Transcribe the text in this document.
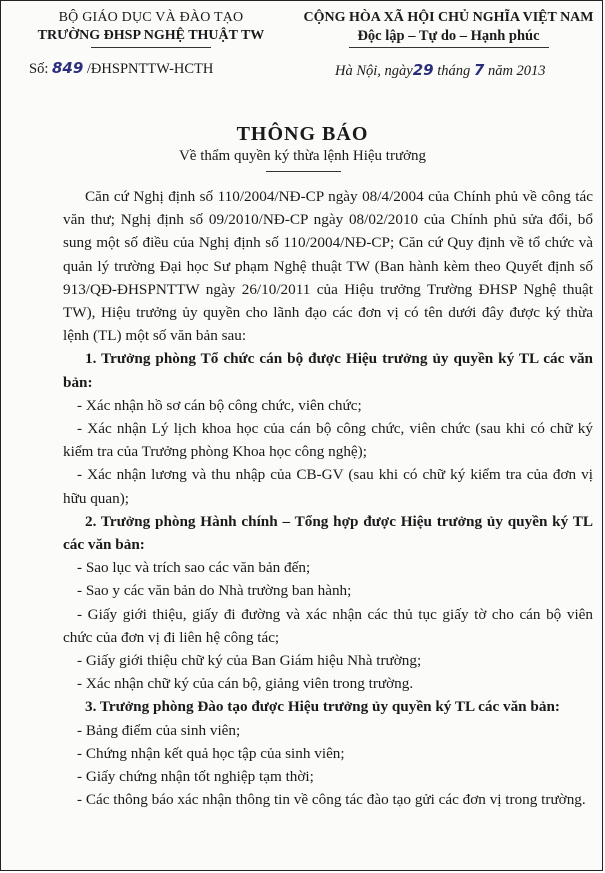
BỘ GIÁO DỤC VÀ ĐÀO TẠO
TRƯỜNG ĐHSP NGHỆ THUẬT TW
CỘNG HÒA XÃ HỘI CHỦ NGHĨA VIỆT NAM
Độc lập – Tự do – Hạnh phúc
Số: 849 /ĐHSPNTTW-HCTH	Hà Nội, ngày29 tháng 7 năm 2013
THÔNG BÁO
Về thẩm quyền ký thừa lệnh Hiệu trưởng

Căn cứ Nghị định số 110/2004/NĐ-CP ngày 08/4/2004 của Chính phủ về công tác văn thư; Nghị định số 09/2010/NĐ-CP ngày 08/02/2010 của Chính phủ sửa đổi, bổ sung một số điều của Nghị định số 110/2004/NĐ-CP; Căn cứ Quy định về tổ chức và quản lý trường Đại học Sư phạm Nghệ thuật TW (Ban hành kèm theo Quyết định số 913/QĐ-ĐHSPNTTW ngày 26/10/2011 của Hiệu trưởng Trường ĐHSP Nghệ thuật TW), Hiệu trưởng ủy quyền cho lãnh đạo các đơn vị có tên dưới đây được ký thừa lệnh (TL) một số văn bản sau:

1. Trưởng phòng Tổ chức cán bộ được Hiệu trưởng ủy quyền ký TL các văn bản:

- Xác nhận hồ sơ cán bộ công chức, viên chức;

- Xác nhận Lý lịch khoa học của cán bộ công chức, viên chức (sau khi có chữ ký kiểm tra của Trưởng phòng Khoa học công nghệ);

- Xác nhận lương và thu nhập của CB-GV (sau khi có chữ ký kiểm tra của đơn vị hữu quan);

2. Trưởng phòng Hành chính – Tổng hợp được Hiệu trưởng ủy quyền ký TL các văn bản:

- Sao lục và trích sao các văn bản đến;

- Sao y các văn bản do Nhà trường ban hành;

- Giấy giới thiệu, giấy đi đường và xác nhận các thủ tục giấy tờ cho cán bộ viên chức của đơn vị đi liên hệ công tác;

- Giấy giới thiệu chữ ký của Ban Giám hiệu Nhà trường;

- Xác nhận chữ ký của cán bộ, giảng viên trong trường.

3. Trưởng phòng Đào tạo được Hiệu trưởng ủy quyền ký TL các văn bản:

- Bảng điểm của sinh viên;

- Chứng nhận kết quả học tập của sinh viên;

- Giấy chứng nhận tốt nghiệp tạm thời;

- Các thông báo xác nhận thông tin về công tác đào tạo gửi các đơn vị trong trường.
